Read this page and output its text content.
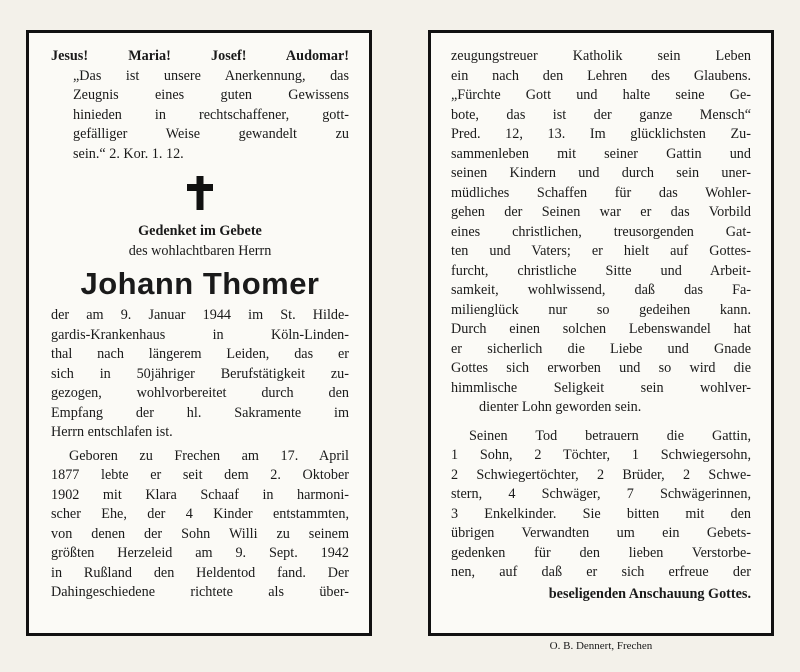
Jesus! Maria! Josef! Audomar!
„Das ist unsere Anerkennung, das
Zeugnis eines guten Gewissens
hinieden in rechtschaffener, gott-
gefälliger Weise gewandelt zu
sein.“ 2. Kor. 1. 12.
Gedenket im Gebete
des wohlachtbaren Herrn
Johann Thomer
der am 9. Januar 1944 im St. Hilde-
gardis-Krankenhaus in Köln-Linden-
thal nach längerem Leiden, das er
sich in 50jähriger Berufstätigkeit zu-
gezogen, wohlvorbereitet durch den
Empfang der hl. Sakramente im
Herrn entschlafen ist.
Geboren zu Frechen am 17. April
1877 lebte er seit dem 2. Oktober
1902 mit Klara Schaaf in harmoni-
scher Ehe, der 4 Kinder entstammten,
von denen der Sohn Willi zu seinem
größten Herzeleid am 9. Sept. 1942
in Rußland den Heldentod fand. Der
Dahingeschiedene richtete als über-
zeugungstreuer Katholik sein Leben
ein nach den Lehren des Glaubens.
„Fürchte Gott und halte seine Ge-
bote, das ist der ganze Mensch“
Pred. 12, 13. Im glücklichsten Zu-
sammenleben mit seiner Gattin und
seinen Kindern und durch sein uner-
müdliches Schaffen für das Wohler-
gehen der Seinen war er das Vorbild
eines christlichen, treusorgenden Gat-
ten und Vaters; er hielt auf Gottes-
furcht, christliche Sitte und Arbeit-
samkeit, wohlwissend, daß das Fa-
milienglück nur so gedeihen kann.
Durch einen solchen Lebenswandel hat
er sicherlich die Liebe und Gnade
Gottes sich erworben und so wird die
himmlische Seligkeit sein wohlver-
dienter Lohn geworden sein.
Seinen Tod betrauern die Gattin,
1 Sohn, 2 Töchter, 1 Schwiegersohn,
2 Schwiegertöchter, 2 Brüder, 2 Schwe-
stern, 4 Schwäger, 7 Schwägerinnen,
3 Enkelkinder. Sie bitten mit den
übrigen Verwandten um ein Gebets-
gedenken für den lieben Verstorbe-
nen, auf daß er sich erfreue der
beseligenden Anschauung Gottes.
O. B. Dennert, Frechen
